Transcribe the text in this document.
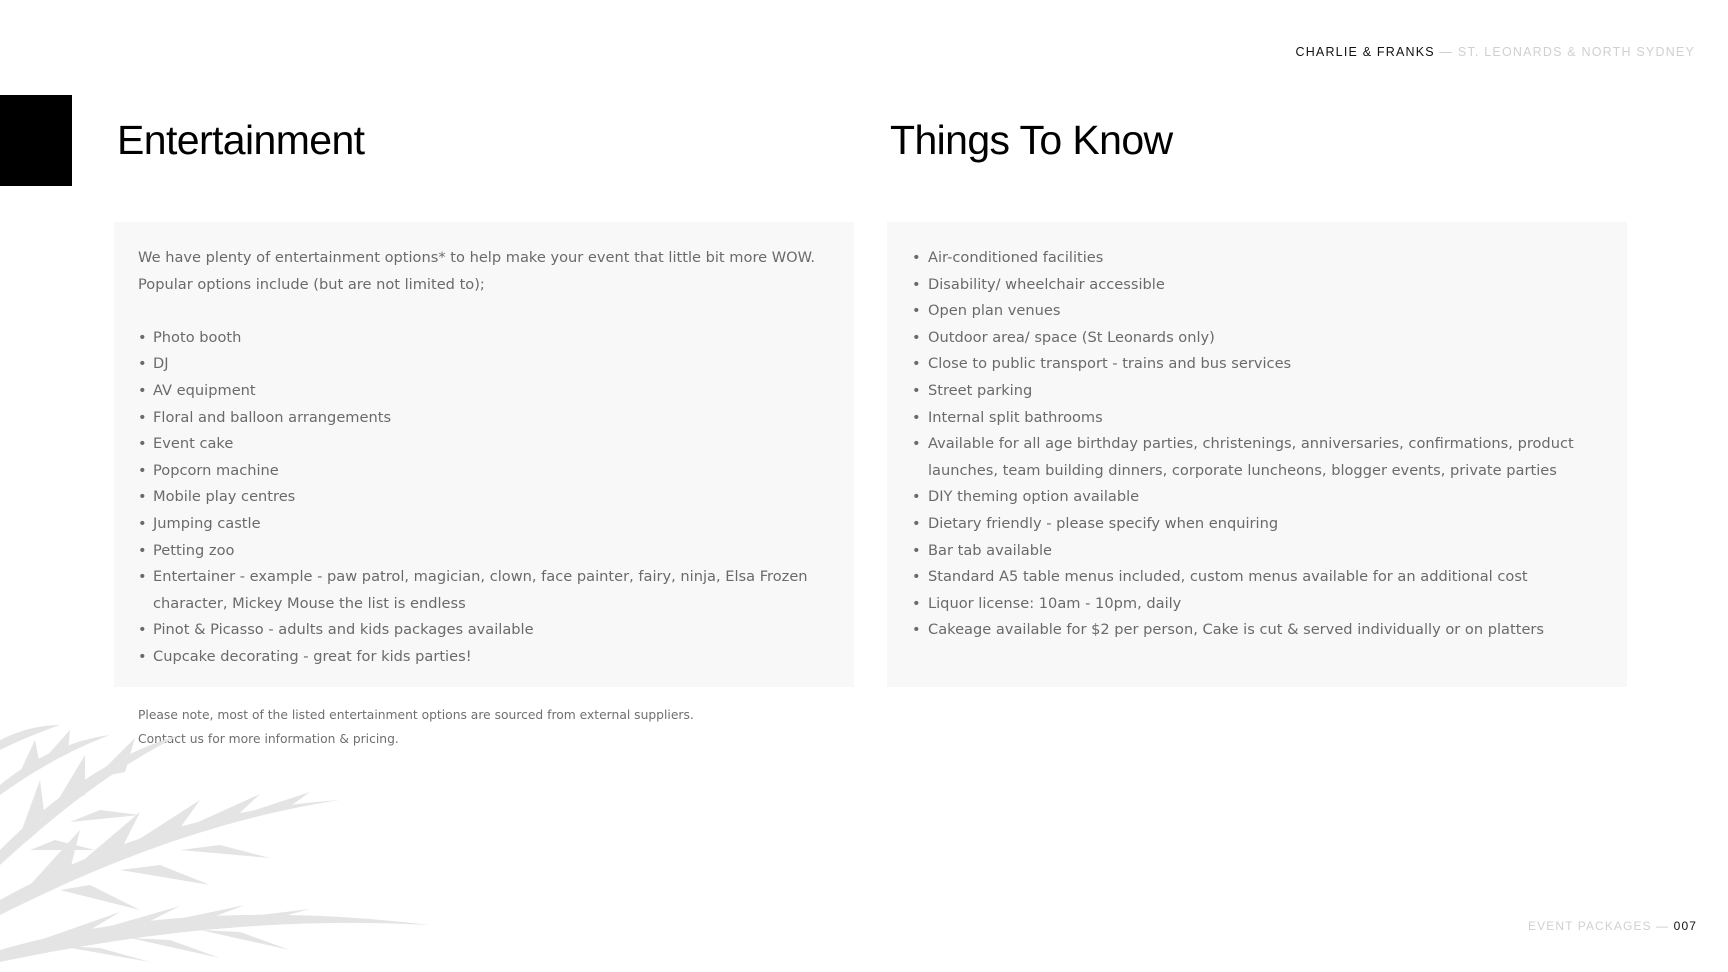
CHARLIE & FRANKS — ST. LEONARDS & NORTH SYDNEY
Entertainment	Things To Know

We have plenty of entertainment options* to help make your event that little bit more WOW. Popular options include (but are not limited to);

• Photo booth
• DJ
• AV equipment
• Floral and balloon arrangements
• Event cake
• Popcorn machine
• Mobile play centres
• Jumping castle
• Petting zoo
• Entertainer - example - paw patrol, magician, clown, face painter, fairy, ninja, Elsa Frozen character, Mickey Mouse the list is endless
• Pinot & Picasso - adults and kids packages available
• Cupcake decorating - great for kids parties!
• Air-conditioned facilities
• Disability/ wheelchair accessible
• Open plan venues
• Outdoor area/ space (St Leonards only)
• Close to public transport - trains and bus services
• Street parking
• Internal split bathrooms
• Available for all age birthday parties, christenings, anniversaries, confirmations, product launches, team building dinners, corporate luncheons, blogger events, private parties
• DIY theming option available
• Dietary friendly - please specify when enquiring
• Bar tab available
• Standard A5 table menus included, custom menus available for an additional cost
• Liquor license: 10am - 10pm, daily
• Cakeage available for $2 per person, Cake is cut & served individually or on platters
Please note, most of the listed entertainment options are sourced from external suppliers.
Contact us for more information & pricing.
EVENT PACKAGES — 007
